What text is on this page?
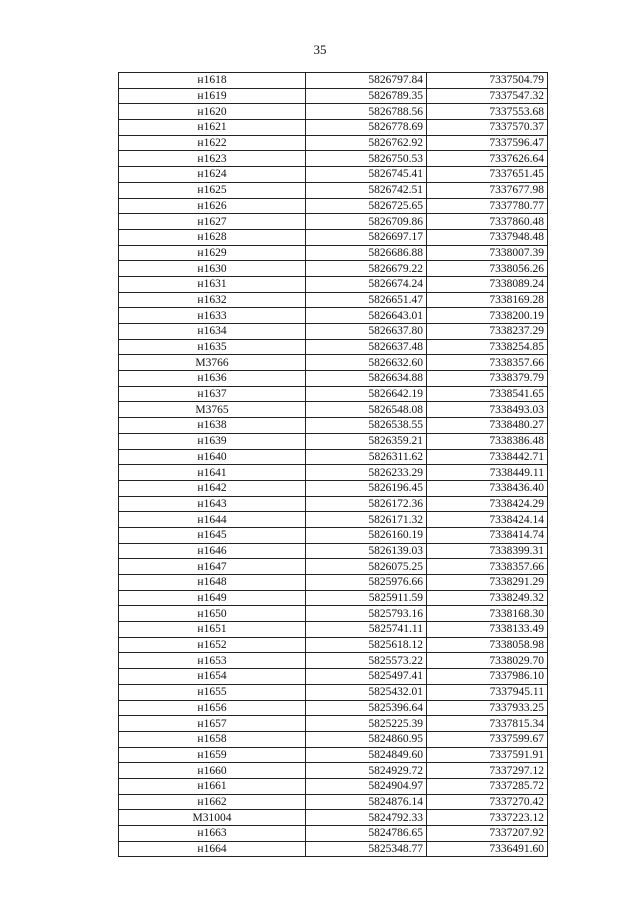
35
н1618	5826797.84	7337504.79
н1619	5826789.35	7337547.32
н1620	5826788.56	7337553.68
н1621	5826778.69	7337570.37
н1622	5826762.92	7337596.47
н1623	5826750.53	7337626.64
н1624	5826745.41	7337651.45
н1625	5826742.51	7337677.98
н1626	5826725.65	7337780.77
н1627	5826709.86	7337860.48
н1628	5826697.17	7337948.48
н1629	5826686.88	7338007.39
н1630	5826679.22	7338056.26
н1631	5826674.24	7338089.24
н1632	5826651.47	7338169.28
н1633	5826643.01	7338200.19
н1634	5826637.80	7338237.29
н1635	5826637.48	7338254.85
М3766	5826632.60	7338357.66
н1636	5826634.88	7338379.79
н1637	5826642.19	7338541.65
М3765	5826548.08	7338493.03
н1638	5826538.55	7338480.27
н1639	5826359.21	7338386.48
н1640	5826311.62	7338442.71
н1641	5826233.29	7338449.11
н1642	5826196.45	7338436.40
н1643	5826172.36	7338424.29
н1644	5826171.32	7338424.14
н1645	5826160.19	7338414.74
н1646	5826139.03	7338399.31
н1647	5826075.25	7338357.66
н1648	5825976.66	7338291.29
н1649	5825911.59	7338249.32
н1650	5825793.16	7338168.30
н1651	5825741.11	7338133.49
н1652	5825618.12	7338058.98
н1653	5825573.22	7338029.70
н1654	5825497.41	7337986.10
н1655	5825432.01	7337945.11
н1656	5825396.64	7337933.25
н1657	5825225.39	7337815.34
н1658	5824860.95	7337599.67
н1659	5824849.60	7337591.91
н1660	5824929.72	7337297.12
н1661	5824904.97	7337285.72
н1662	5824876.14	7337270.42
М31004	5824792.33	7337223.12
н1663	5824786.65	7337207.92
н1664	5825348.77	7336491.60
